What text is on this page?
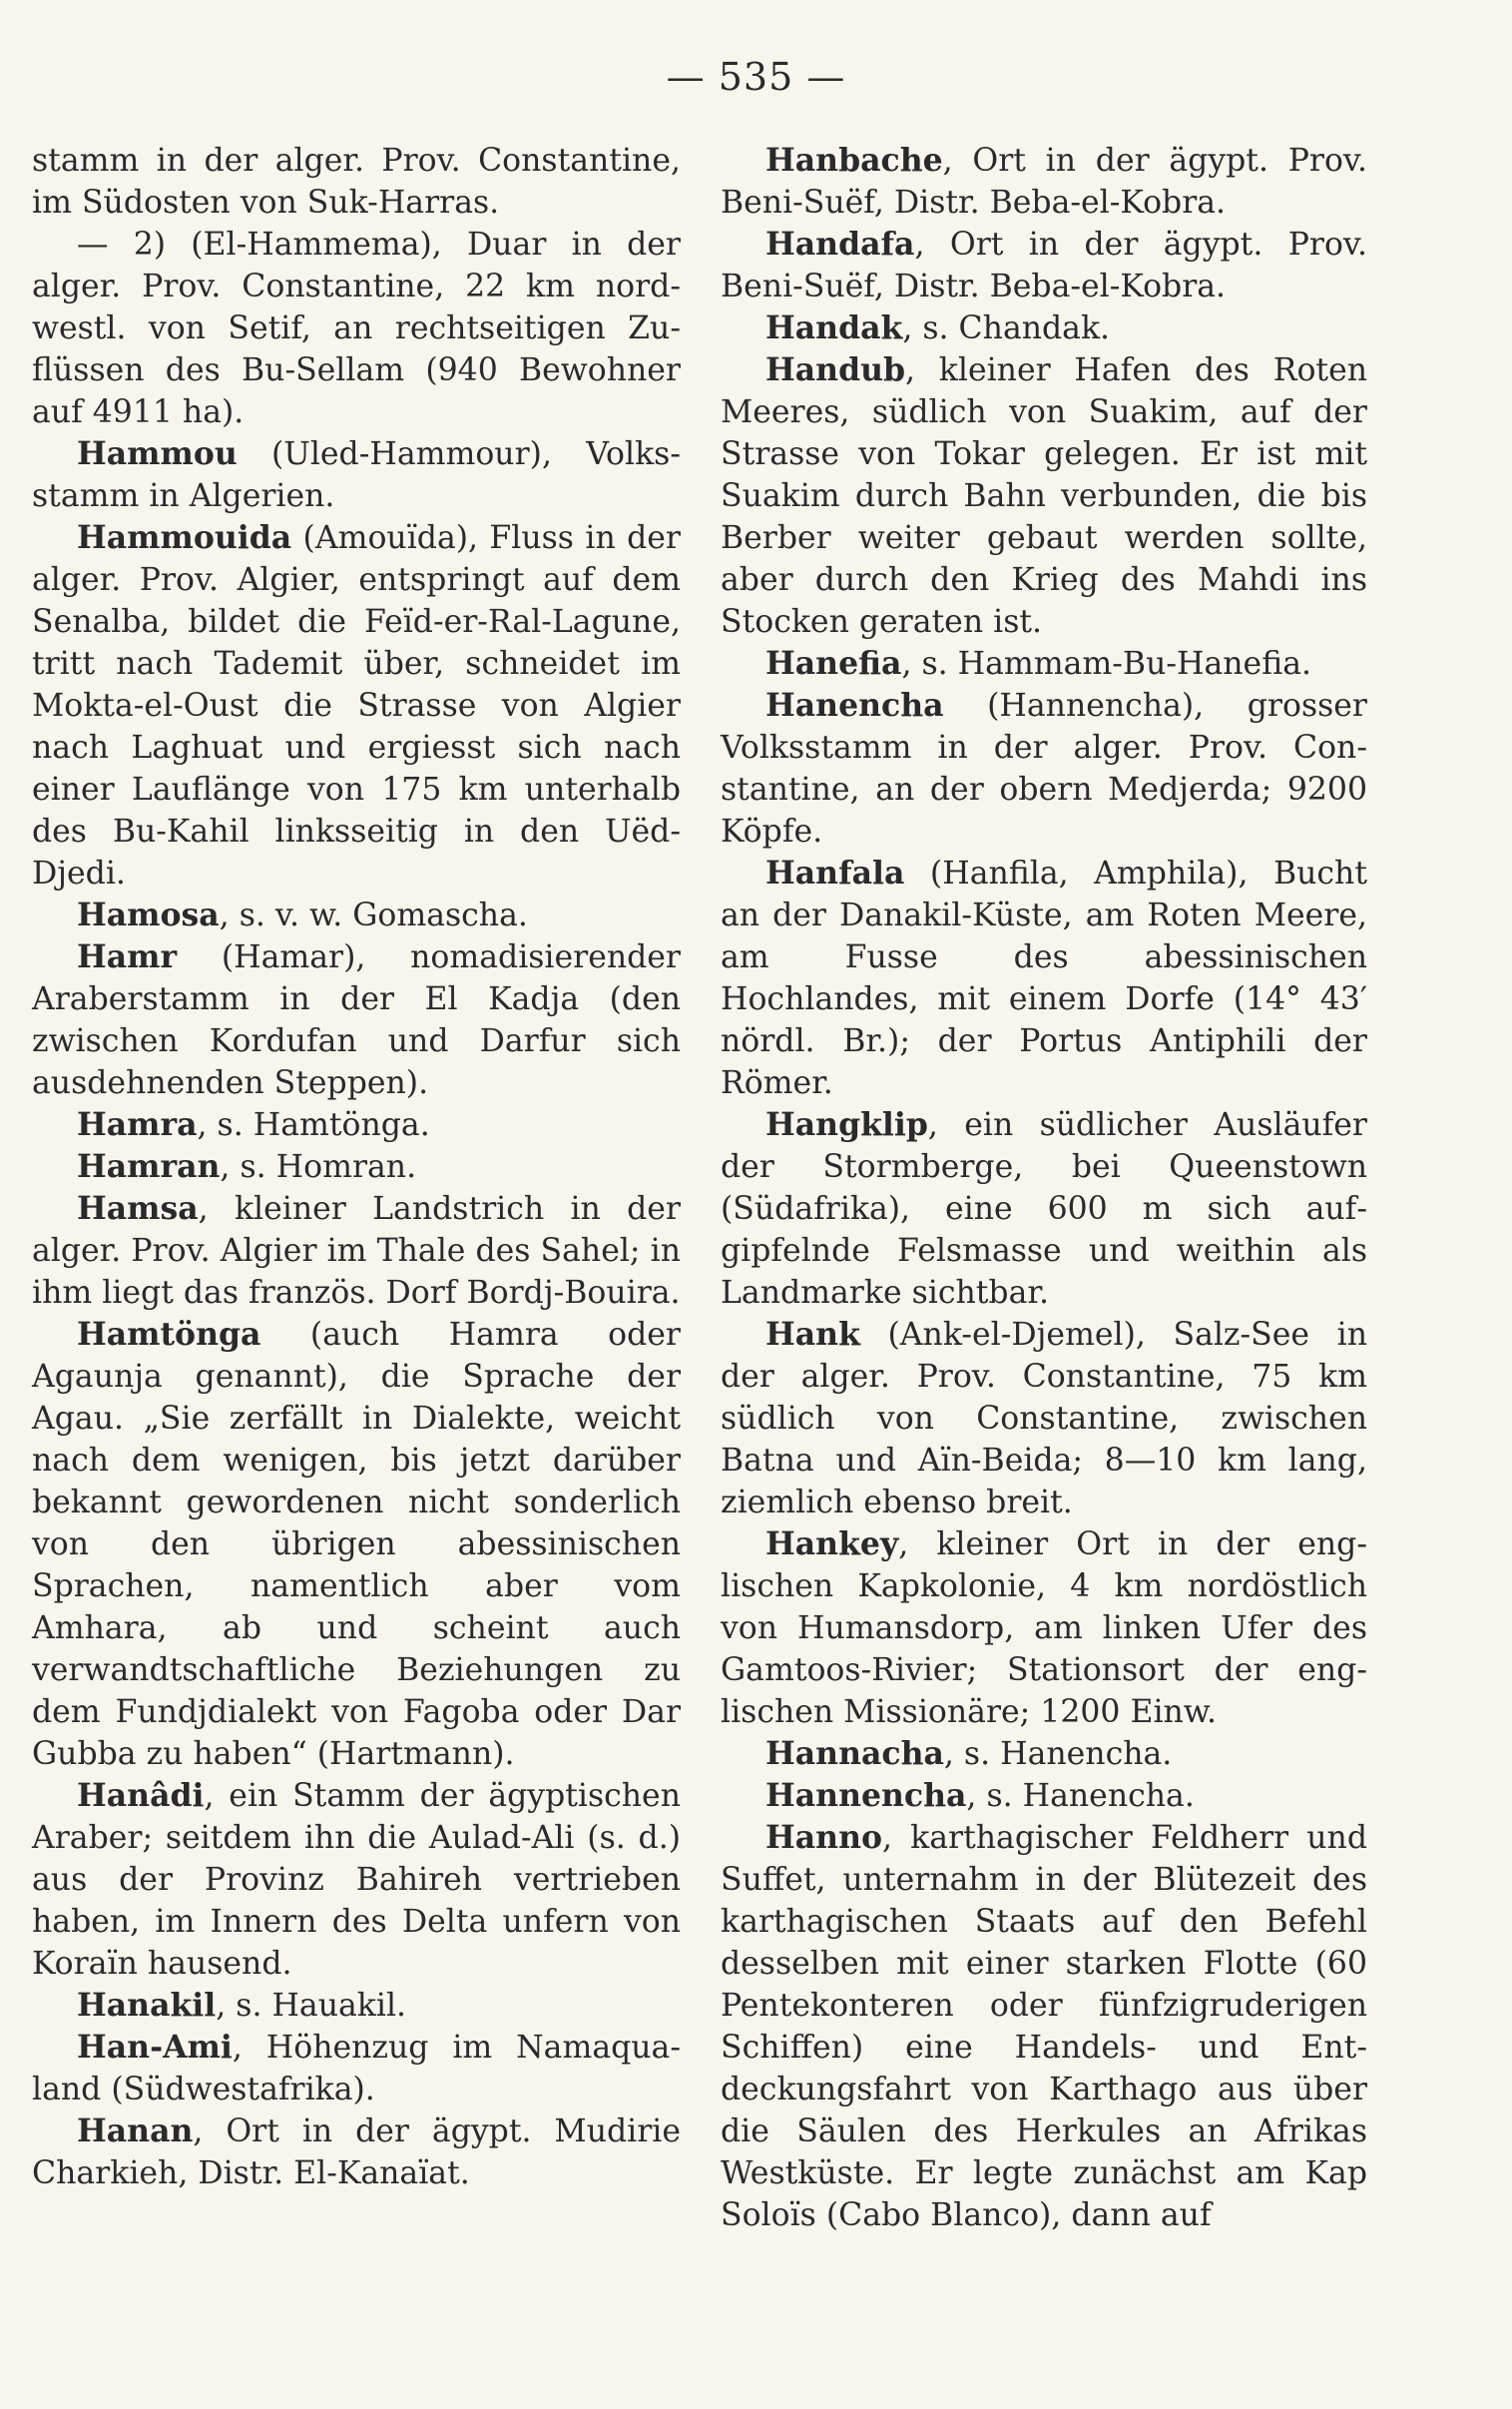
— 535 —

stamm in der alger. Prov. Constantine, im Südosten von Suk-Harras.

— 2) (El-Hammema), Duar in der alger. Prov. Constantine, 22 km nordwestl. von Setif, an rechtseitigen Zuflüssen des Bu-Sellam (940 Bewohner auf 4911 ha).

Hammou (Uled-Hammour), Volksstamm in Algerien.

Hammouida (Amouïda), Fluss in der alger. Prov. Algier, entspringt auf dem Senalba, bildet die Feïd-er-Ral-Lagune, tritt nach Tademit über, schneidet im Mokta-el-Oust die Strasse von Algier nach Laghuat und ergiesst sich nach einer Lauflänge von 175 km unterhalb des Bu-Kahil linksseitig in den Uëd-Djedi.

Hamosa, s. v. w. Gomascha.

Hamr (Hamar), nomadisierender Araberstamm in der El Kadja (den zwischen Kordufan und Darfur sich ausdehnenden Steppen).

Hamra, s. Hamtönga.

Hamran, s. Homran.

Hamsa, kleiner Landstrich in der alger. Prov. Algier im Thale des Sahel; in ihm liegt das französ. Dorf Bordj-Bouira.

Hamtönga (auch Hamra oder Agaunja genannt), die Sprache der Agau. „Sie zerfällt in Dialekte, weicht nach dem wenigen, bis jetzt darüber bekannt gewordenen nicht sonderlich von den übrigen abessinischen Sprachen, namentlich aber vom Amhara, ab und scheint auch verwandtschaftliche Beziehungen zu dem Fundjdialekt von Fagoba oder Dar Gubba zu haben“ (Hartmann).

Hanâdi, ein Stamm der ägyptischen Araber; seitdem ihn die Aulad-Ali (s. d.) aus der Provinz Bahireh vertrieben haben, im Innern des Delta unfern von Koraïn hausend.

Hanakil, s. Hauakil.

Han-Ami, Höhenzug im Namaqualand (Südwestafrika).

Hanan, Ort in der ägypt. Mudirie Charkieh, Distr. El-Kanaïat.

Hanbache, Ort in der ägypt. Prov. Beni-Suëf, Distr. Beba-el-Kobra.

Handafa, Ort in der ägypt. Prov. Beni-Suëf, Distr. Beba-el-Kobra.

Handak, s. Chandak.

Handub, kleiner Hafen des Roten Meeres, südlich von Suakim, auf der Strasse von Tokar gelegen. Er ist mit Suakim durch Bahn verbunden, die bis Berber weiter gebaut werden sollte, aber durch den Krieg des Mahdi ins Stocken geraten ist.

Hanefia, s. Hammam-Bu-Hanefia.

Hanencha (Hannencha), grosser Volksstamm in der alger. Prov. Constantine, an der obern Medjerda; 9200 Köpfe.

Hanfala (Hanfila, Amphila), Bucht an der Danakil-Küste, am Roten Meere, am Fusse des abessinischen Hochlandes, mit einem Dorfe (14° 43′ nördl. Br.); der Portus Antiphili der Römer.

Hangklip, ein südlicher Ausläufer der Stormberge, bei Queenstown (Südafrika), eine 600 m sich aufgipfelnde Felsmasse und weithin als Landmarke sichtbar.

Hank (Ank-el-Djemel), Salz-See in der alger. Prov. Constantine, 75 km südlich von Constantine, zwischen Batna und Aïn-Beida; 8—10 km lang, ziemlich ebenso breit.

Hankey, kleiner Ort in der englischen Kapkolonie, 4 km nordöstlich von Humansdorp, am linken Ufer des Gamtoos-Rivier; Stationsort der englischen Missionäre; 1200 Einw.

Hannacha, s. Hanencha.

Hannencha, s. Hanencha.

Hanno, karthagischer Feldherr und Suffet, unternahm in der Blütezeit des karthagischen Staats auf den Befehl desselben mit einer starken Flotte (60 Pentekonteren oder fünfzigruderigen Schiffen) eine Handels- und Entdeckungsfahrt von Karthago aus über die Säulen des Herkules an Afrikas Westküste. Er legte zunächst am Kap Soloïs (Cabo Blanco), dann auf
